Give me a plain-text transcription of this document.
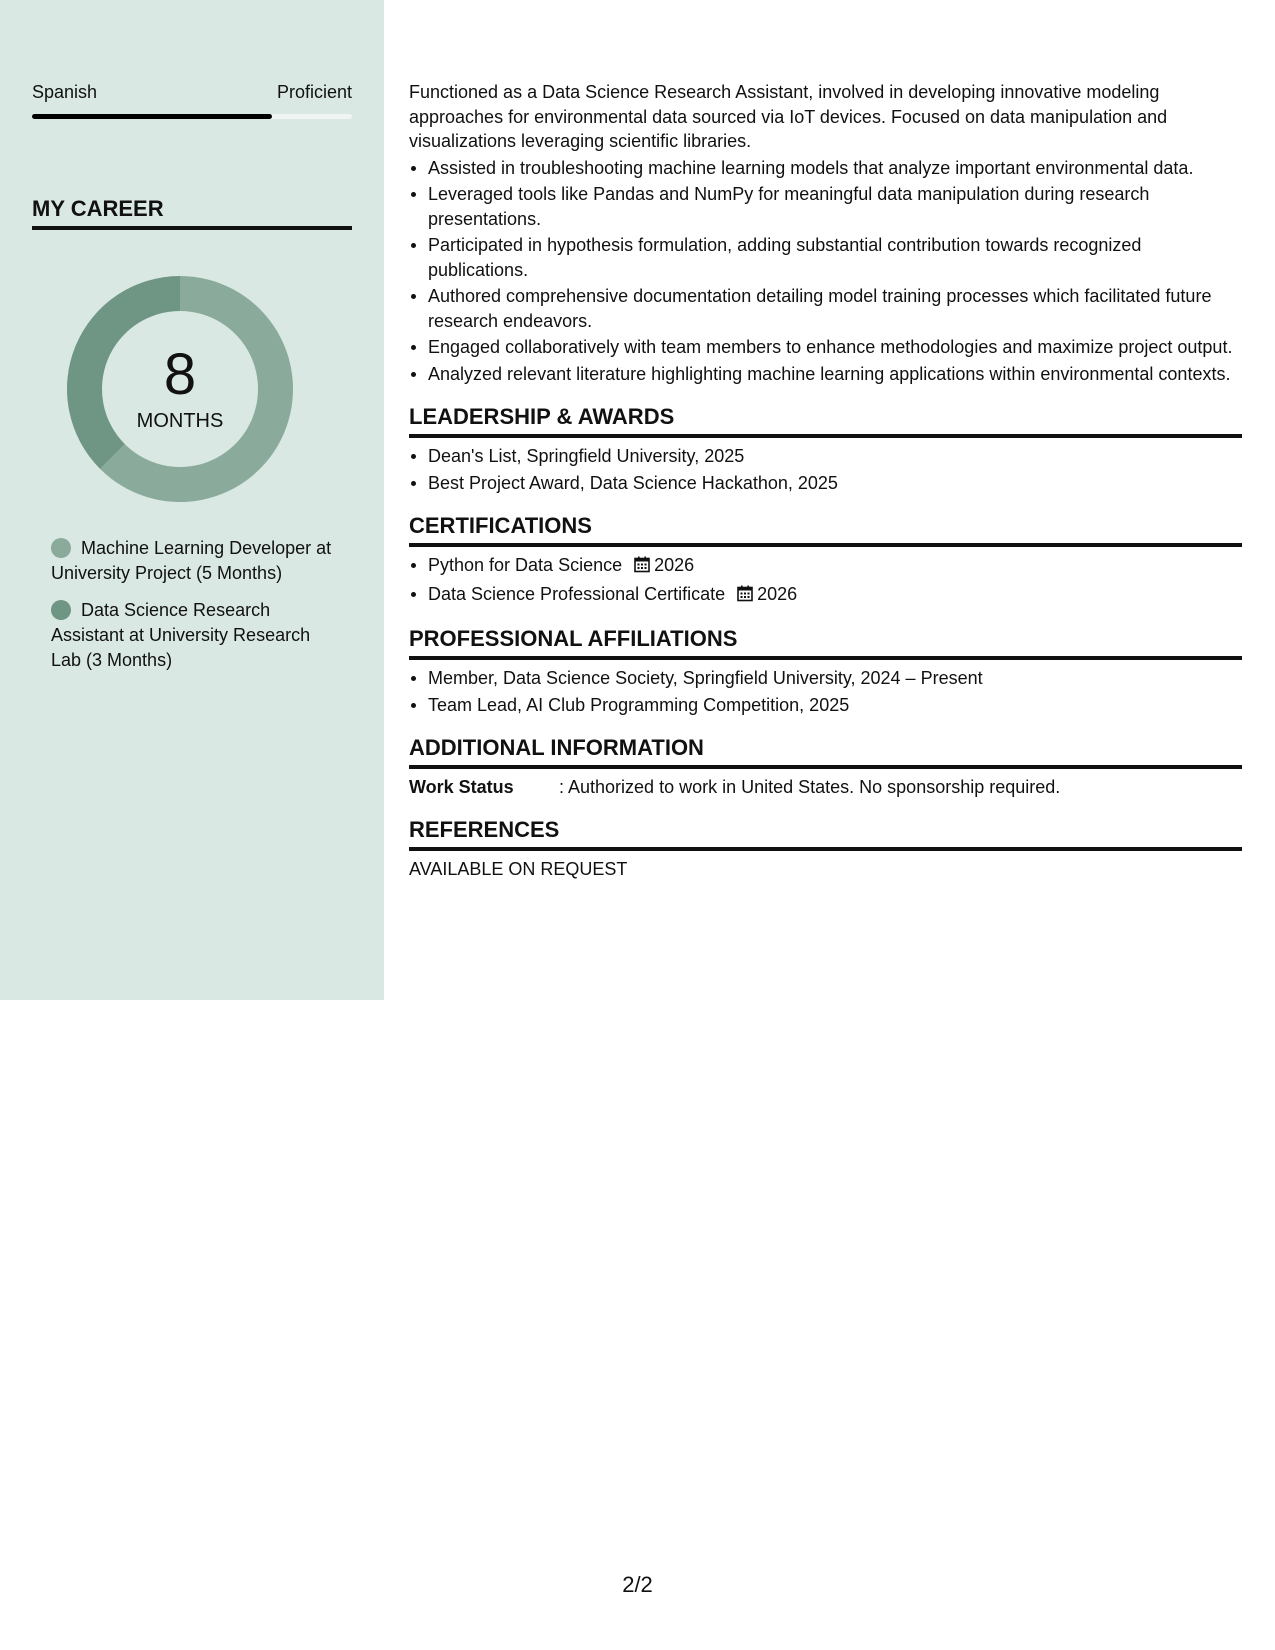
Spanish	Proficient
MY CAREER
8
MONTHS
Machine Learning Developer at University Project (5 Months)
Data Science Research Assistant at University Research Lab (3 Months)

Functioned as a Data Science Research Assistant, involved in developing innovative modeling approaches for environmental data sourced via IoT devices. Focused on data manipulation and visualizations leveraging scientific libraries.

Assisted in troubleshooting machine learning models that analyze important environmental data.
Leveraged tools like Pandas and NumPy for meaningful data manipulation during research presentations.
Participated in hypothesis formulation, adding substantial contribution towards recognized publications.
Authored comprehensive documentation detailing model training processes which facilitated future research endeavors.
Engaged collaboratively with team members to enhance methodologies and maximize project output.
Analyzed relevant literature highlighting machine learning applications within environmental contexts.
LEADERSHIP & AWARDS
Dean's List, Springfield University, 2025
Best Project Award, Data Science Hackathon, 2025
CERTIFICATIONS
Python for Data Science 2026
Data Science Professional Certificate 2026
PROFESSIONAL AFFILIATIONS
Member, Data Science Society, Springfield University, 2024 – Present
Team Lead, AI Club Programming Competition, 2025
ADDITIONAL INFORMATION
Work Status	: Authorized to work in United States. No sponsorship required.
REFERENCES
AVAILABLE ON REQUEST
2/2
